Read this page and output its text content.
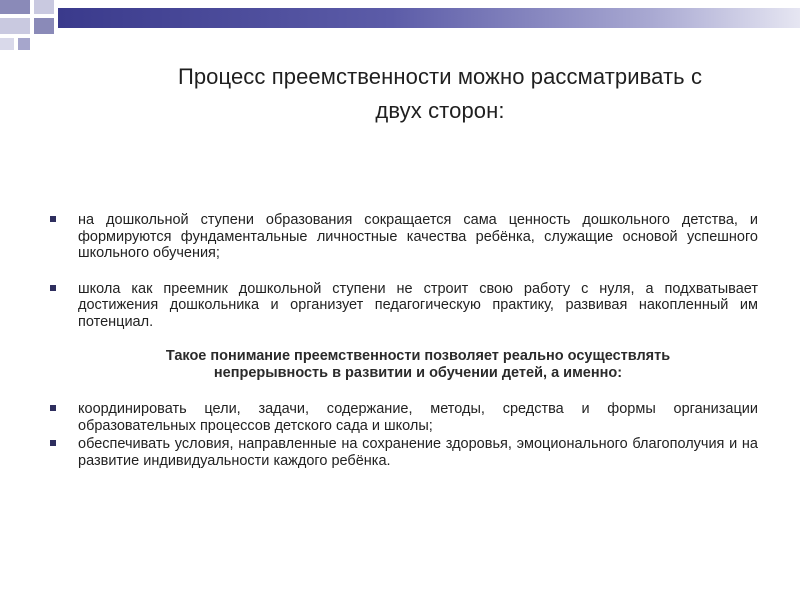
Процесс преемственности можно рассматривать с
двух сторон:
на дошкольной ступени образования сокращается сама ценность дошкольного детства, и формируются фундаментальные личностные качества ребёнка, служащие основой успешного школьного обучения;
школа как преемник дошкольной ступени не строит свою работу с нуля, а подхватывает достижения дошкольника и организует педагогическую практику, развивая накопленный им потенциал.
Такое понимание преемственности позволяет реально осуществлять
непрерывность в развитии и обучении детей, а именно:
координировать цели, задачи, содержание, методы, средства и формы организации образовательных процессов детского сада и школы;
обеспечивать условия, направленные на сохранение здоровья, эмоционального благополучия и на развитие индивидуальности каждого ребёнка.
